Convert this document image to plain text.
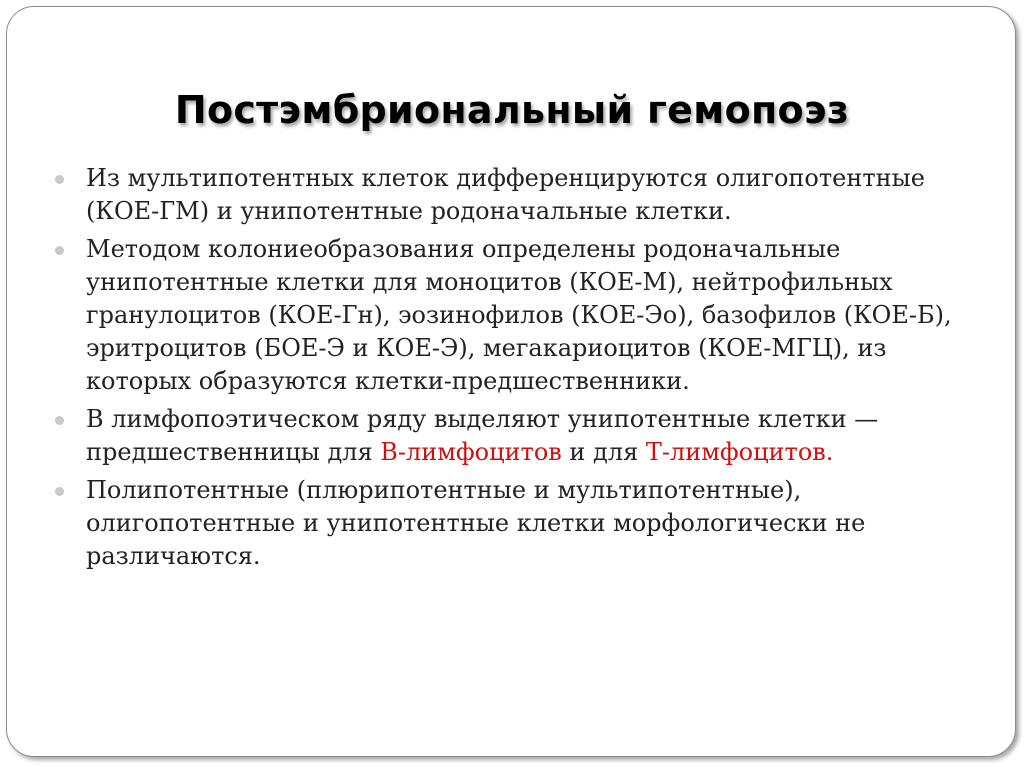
Постэмбриональный гемопоэз
Из мультипотентных клеток дифференцируются олигопотентные (КОЕ-ГМ) и унипотентные родоначальные клетки.
Методом колониеобразования определены родоначальные унипотентные клетки для моноцитов (КОЕ-М), нейтрофильных гранулоцитов (КОЕ-Гн), эозинофилов (КОЕ-Эо), базофилов (КОЕ-Б), эритроцитов (БОЕ-Э и КОЕ-Э), мегакариоцитов (КОЕ-МГЦ), из которых образуются клетки-предшественники.
В лимфопоэтическом ряду выделяют унипотентные клетки — предшественницы для В-лимфоцитов и для Т-лимфоцитов.
Полипотентные (плюрипотентные и мультипотентные), олигопотентные и унипотентные клетки морфологически не различаются.
